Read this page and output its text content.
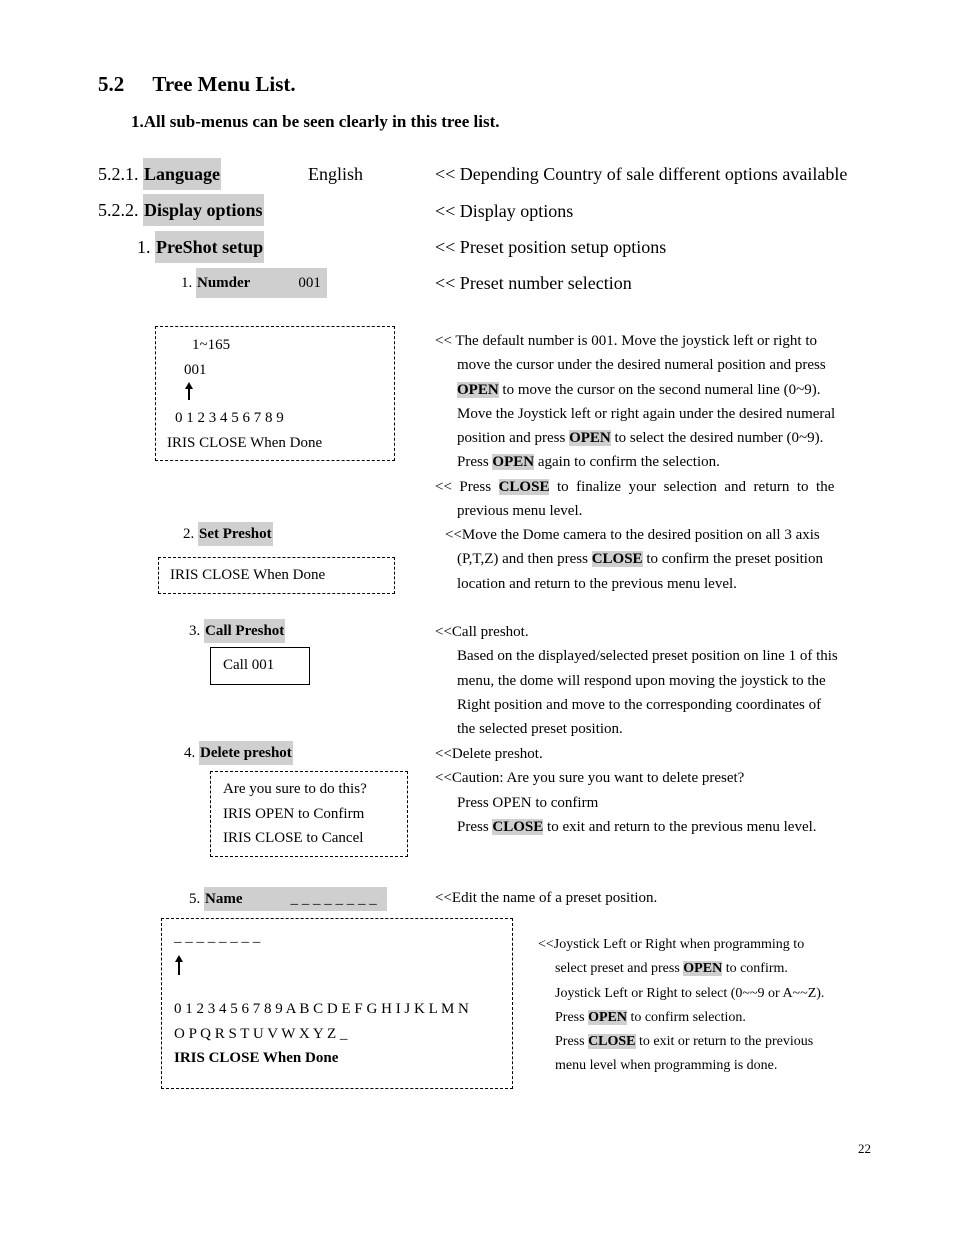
5.2 Tree Menu List.
1.All sub-menus can be seen clearly in this tree list.
5.2.1. Language	English	<< Depending Country of sale different options available
5.2.2. Display options	<< Display options
1. PreShot setup	<< Preset position setup options
1. Numder	001	<< Preset number selection
1~165
001
0 1 2 3 4 5 6 7 8 9
IRIS CLOSE When Done

<< The default number is 001. Move the joystick left or right to

move the cursor under the desired numeral position and press

OPEN to move the cursor on the second numeral line (0~9).

Move the Joystick left or right again under the desired numeral

position and press OPEN to select the desired number (0~9).

Press OPEN again to confirm the selection.

<<  Press  CLOSE  to  finalize  your  selection  and  return  to  the

previous menu level.

2. Set Preshot
IRIS CLOSE When Done

<<Move the Dome camera to the desired position on all 3 axis

(P,T,Z) and then press CLOSE to confirm the preset position

location and return to the previous menu level.

3. Call Preshot
Call 001

<<Call preshot.

Based on the displayed/selected preset position on line 1 of this

menu, the dome will respond upon moving the joystick to the

Right position and move to the corresponding coordinates of

the selected preset position.

4. Delete preshot
Are you sure to do this?
IRIS OPEN to Confirm
IRIS CLOSE to Cancel

<<Delete preshot.

<<Caution: Are you sure you want to delete preset?

Press OPEN to confirm

Press CLOSE to exit and return to the previous menu level.

5. Name	_ _ _ _ _ _ _ _	<<Edit the name of a preset position.
_ _ _ _ _ _ _ _
0 1 2 3 4 5 6 7 8 9 A B C D E F G H I J K L M N
O P Q R S T U V W X Y Z _
IRIS CLOSE When Done

<<Joystick Left or Right when programming to

select preset and press OPEN to confirm.

Joystick Left or Right to select (0~~9 or A~~Z).

Press OPEN to confirm selection.

Press CLOSE to exit or return to the previous

menu level when programming is done.

22
